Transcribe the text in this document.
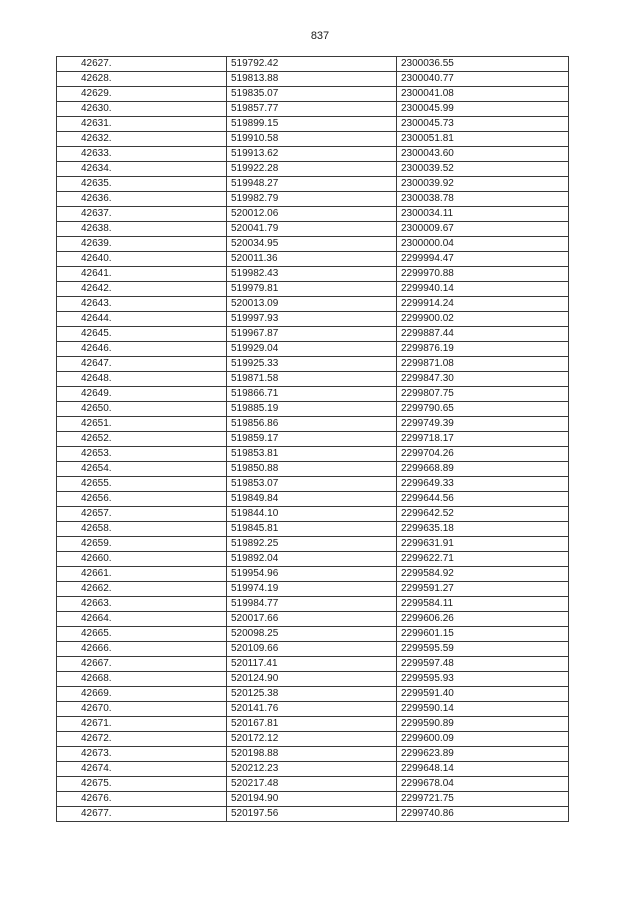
837
42627.	519792.42	2300036.55
42628.	519813.88	2300040.77
42629.	519835.07	2300041.08
42630.	519857.77	2300045.99
42631.	519899.15	2300045.73
42632.	519910.58	2300051.81
42633.	519913.62	2300043.60
42634.	519922.28	2300039.52
42635.	519948.27	2300039.92
42636.	519982.79	2300038.78
42637.	520012.06	2300034.11
42638.	520041.79	2300009.67
42639.	520034.95	2300000.04
42640.	520011.36	2299994.47
42641.	519982.43	2299970.88
42642.	519979.81	2299940.14
42643.	520013.09	2299914.24
42644.	519997.93	2299900.02
42645.	519967.87	2299887.44
42646.	519929.04	2299876.19
42647.	519925.33	2299871.08
42648.	519871.58	2299847.30
42649.	519866.71	2299807.75
42650.	519885.19	2299790.65
42651.	519856.86	2299749.39
42652.	519859.17	2299718.17
42653.	519853.81	2299704.26
42654.	519850.88	2299668.89
42655.	519853.07	2299649.33
42656.	519849.84	2299644.56
42657.	519844.10	2299642.52
42658.	519845.81	2299635.18
42659.	519892.25	2299631.91
42660.	519892.04	2299622.71
42661.	519954.96	2299584.92
42662.	519974.19	2299591.27
42663.	519984.77	2299584.11
42664.	520017.66	2299606.26
42665.	520098.25	2299601.15
42666.	520109.66	2299595.59
42667.	520117.41	2299597.48
42668.	520124.90	2299595.93
42669.	520125.38	2299591.40
42670.	520141.76	2299590.14
42671.	520167.81	2299590.89
42672.	520172.12	2299600.09
42673.	520198.88	2299623.89
42674.	520212.23	2299648.14
42675.	520217.48	2299678.04
42676.	520194.90	2299721.75
42677.	520197.56	2299740.86
